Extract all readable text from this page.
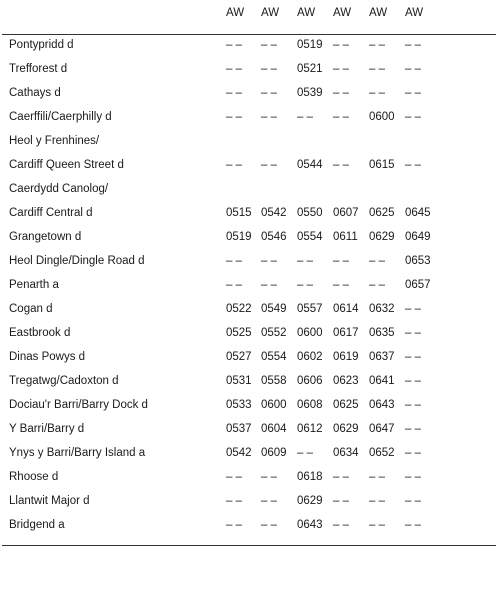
AW AW AW AW AW AW
Pontypridd d	– – – – 0519 – – – – – –
Trefforest d	– – – – 0521 – – – – – –
Cathays d	– – – – 0539 – – – – – –
Caerffili/Caerphilly d	– – – – – – – – 0600 – –
Heol y Frenhines/
Cardiff Queen Street d	– – – – 0544 – – 0615 – –
Caerdydd Canolog/
Cardiff Central d	0515 0542 0550 0607 0625 0645
Grangetown d	0519 0546 0554 0611 0629 0649
Heol Dingle/Dingle Road d	– – – – – – – – – – 0653
Penarth a	– – – – – – – – – – 0657
Cogan d	0522 0549 0557 0614 0632 – –
Eastbrook d	0525 0552 0600 0617 0635 – –
Dinas Powys d	0527 0554 0602 0619 0637 – –
Tregatwg/Cadoxton d	0531 0558 0606 0623 0641 – –
Dociau'r Barri/Barry Dock d	0533 0600 0608 0625 0643 – –
Y Barri/Barry d	0537 0604 0612 0629 0647 – –
Ynys y Barri/Barry Island a	0542 0609 – – 0634 0652 – –
Rhoose d	– – – – 0618 – – – – – –
Llantwit Major d	– – – – 0629 – – – – – –
Bridgend a	– – – – 0643 – – – – – –
